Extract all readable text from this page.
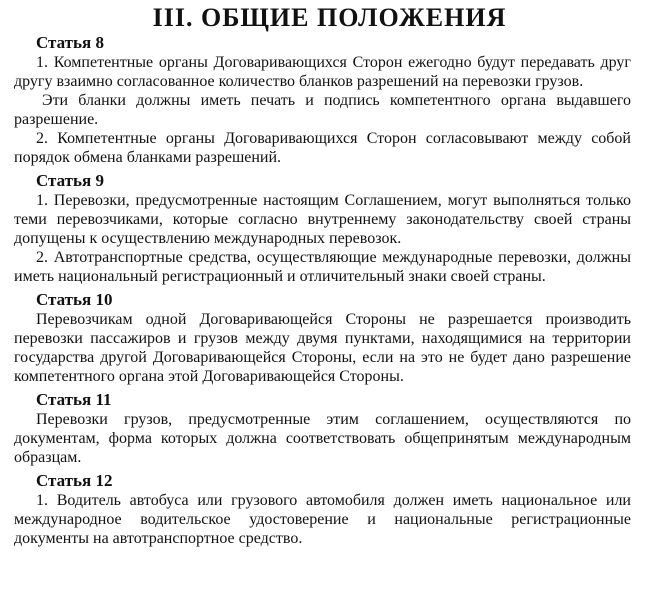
III. ОБЩИЕ ПОЛОЖЕНИЯ
Статья 8

1. Компетентные органы Договаривающихся Сторон ежегодно будут передавать друг другу взаимно согласованное количество бланков разрешений на перевозки грузов.

Эти бланки должны иметь печать и подпись компетентного органа выдавшего разрешение.

2. Компетентные органы Договаривающихся Сторон согласовывают между собой порядок обмена бланками разрешений.

Статья 9

1. Перевозки, предусмотренные настоящим Соглашением, могут выполняться только теми перевозчиками, которые согласно внутреннему законодательству своей страны допущены к осуществлению международных перевозок.

2. Автотранспортные средства, осуществляющие международные перевозки, должны иметь национальный регистрационный и отличительный знаки своей страны.

Статья 10

Перевозчикам одной Договаривающейся Стороны не разрешается производить перевозки пассажиров и грузов между двумя пунктами, находящимися на территории государства другой Договаривающейся Стороны, если на это не будет дано разрешение компетентного органа этой Договаривающейся Стороны.

Статья 11

Перевозки грузов, предусмотренные этим соглашением, осуществляются по документам, форма которых должна соответствовать общепринятым международным образцам.

Статья 12

1. Водитель автобуса или грузового автомобиля должен иметь национальное или международное водительское удостоверение и национальные регистрационные документы на автотранспортное средство.
